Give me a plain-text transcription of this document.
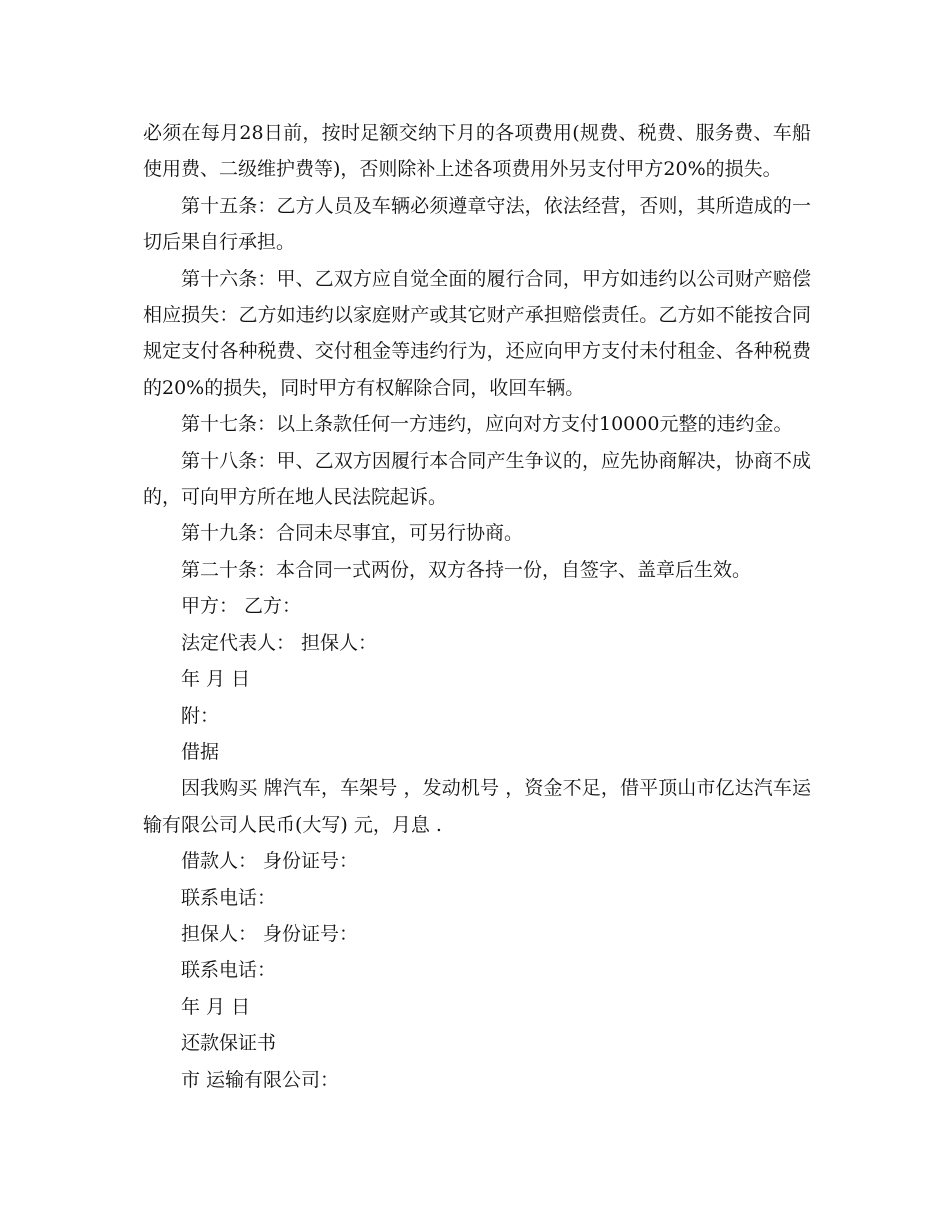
必须在每月28日前，按时足额交纳下月的各项费用(规费、税费、服务费、车船使用费、二级维护费等)，否则除补上述各项费用外另支付甲方20%的损失。

第十五条：乙方人员及车辆必须遵章守法，依法经营，否则，其所造成的一切后果自行承担。

第十六条：甲、乙双方应自觉全面的履行合同，甲方如违约以公司财产赔偿相应损失：乙方如违约以家庭财产或其它财产承担赔偿责任。乙方如不能按合同规定支付各种税费、交付租金等违约行为，还应向甲方支付未付租金、各种税费的20%的损失，同时甲方有权解除合同，收回车辆。

第十七条：以上条款任何一方违约，应向对方支付10000元整的违约金。

第十八条：甲、乙双方因履行本合同产生争议的，应先协商解决，协商不成的，可向甲方所在地人民法院起诉。

第十九条：合同未尽事宜，可另行协商。

第二十条：本合同一式两份，双方各持一份，自签字、盖章后生效。

甲方： 乙方：

法定代表人： 担保人：

年 月 日

附：

借据

因我购买 牌汽车，车架号 ，发动机号 ，资金不足，借平顶山市亿达汽车运输有限公司人民币(大写) 元，月息 .

借款人： 身份证号：

联系电话：

担保人： 身份证号：

联系电话：

年 月 日

还款保证书

市 运输有限公司：
